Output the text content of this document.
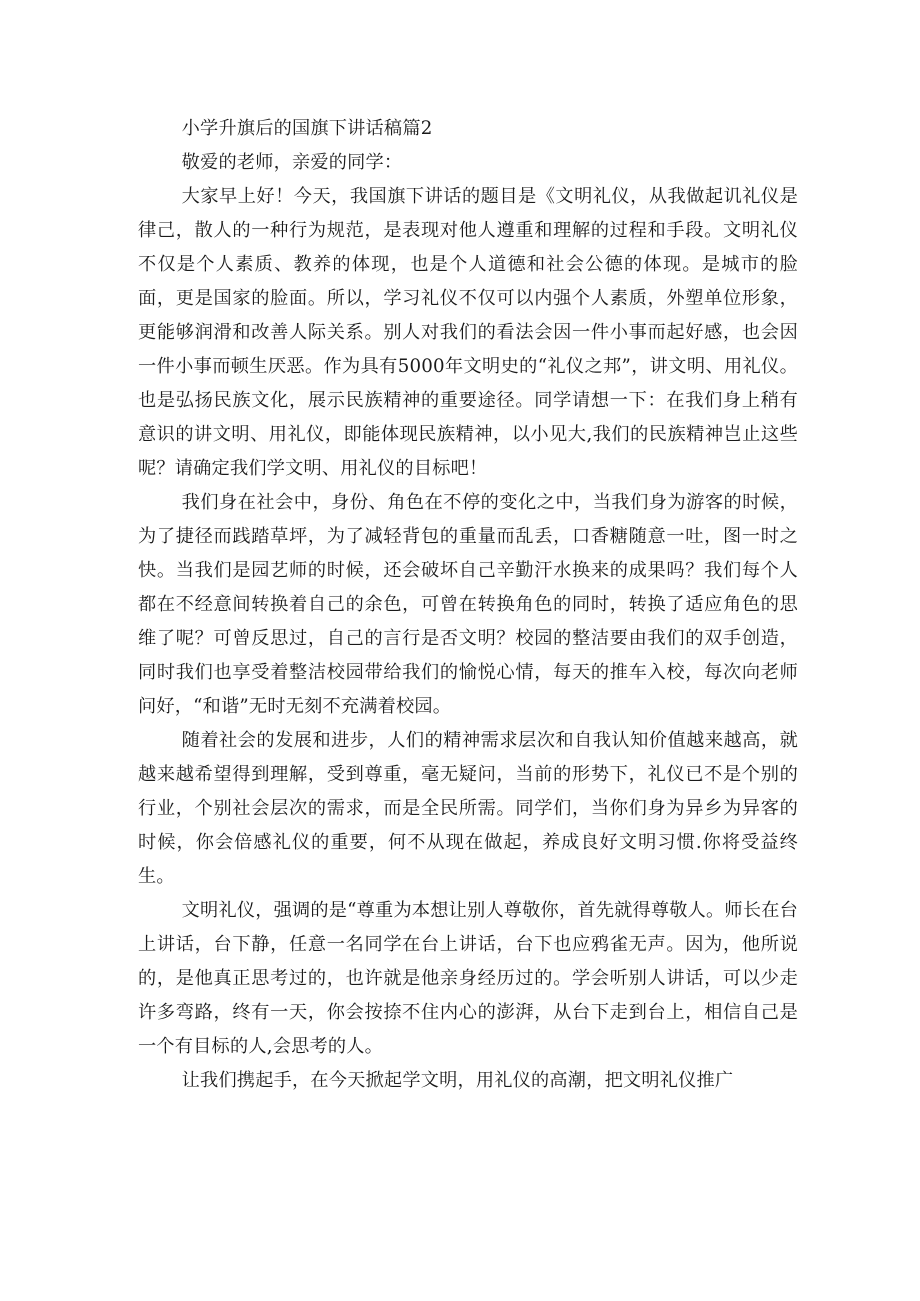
小学升旗后的国旗下讲话稿篇2

敬爱的老师，亲爱的同学：

大家早上好！今天，我国旗下讲话的题目是《文明礼仪，从我做起讥礼仪是律己，散人的一种行为规范，是表现对他人遵重和理解的过程和手段。文明礼仪不仅是个人素质、教养的体现，也是个人道德和社会公德的体现。是城市的脸面，更是国家的脸面。所以，学习礼仪不仅可以内强个人素质，外塑单位形象，更能够润滑和改善人际关系。别人对我们的看法会因一件小事而起好感，也会因一件小事而顿生厌恶。作为具有5000年文明史的“礼仪之邦”，讲文明、用礼仪。也是弘扬民族文化，展示民族精神的重要途径。同学请想一下：在我们身上稍有意识的讲文明、用礼仪，即能体现民族精神，以小见大,我们的民族精神岂止这些呢？请确定我们学文明、用礼仪的目标吧！

我们身在社会中，身份、角色在不停的变化之中，当我们身为游客的时候，为了捷径而践踏草坪，为了减轻背包的重量而乱丢，口香糖随意一吐，图一时之快。当我们是园艺师的时候，还会破坏自己辛勤汗水换来的成果吗？我们每个人都在不经意间转换着自己的余色，可曾在转换角色的同时，转换了适应角色的思维了呢？可曾反思过，自己的言行是否文明？校园的整洁要由我们的双手创造，同时我们也享受着整洁校园带给我们的愉悦心情，每天的推车入校，每次向老师问好，“和谐”无时无刻不充满着校园。

随着社会的发展和进步，人们的精神需求层次和自我认知价值越来越高，就越来越希望得到理解，受到尊重，毫无疑问，当前的形势下，礼仪已不是个别的行业，个别社会层次的需求，而是全民所需。同学们，当你们身为异乡为异客的时候，你会倍感礼仪的重要，何不从现在做起，养成良好文明习惯.你将受益终生。

文明礼仪，强调的是“尊重为本想让别人尊敬你，首先就得尊敬人。师长在台上讲话，台下静，任意一名同学在台上讲话，台下也应鸦雀无声。因为，他所说的，是他真正思考过的，也许就是他亲身经历过的。学会听别人讲话，可以少走许多弯路，终有一天，你会按捺不住内心的澎湃，从台下走到台上，相信自己是一个有目标的人,会思考的人。

让我们携起手，在今天掀起学文明，用礼仪的高潮，把文明礼仪推广
